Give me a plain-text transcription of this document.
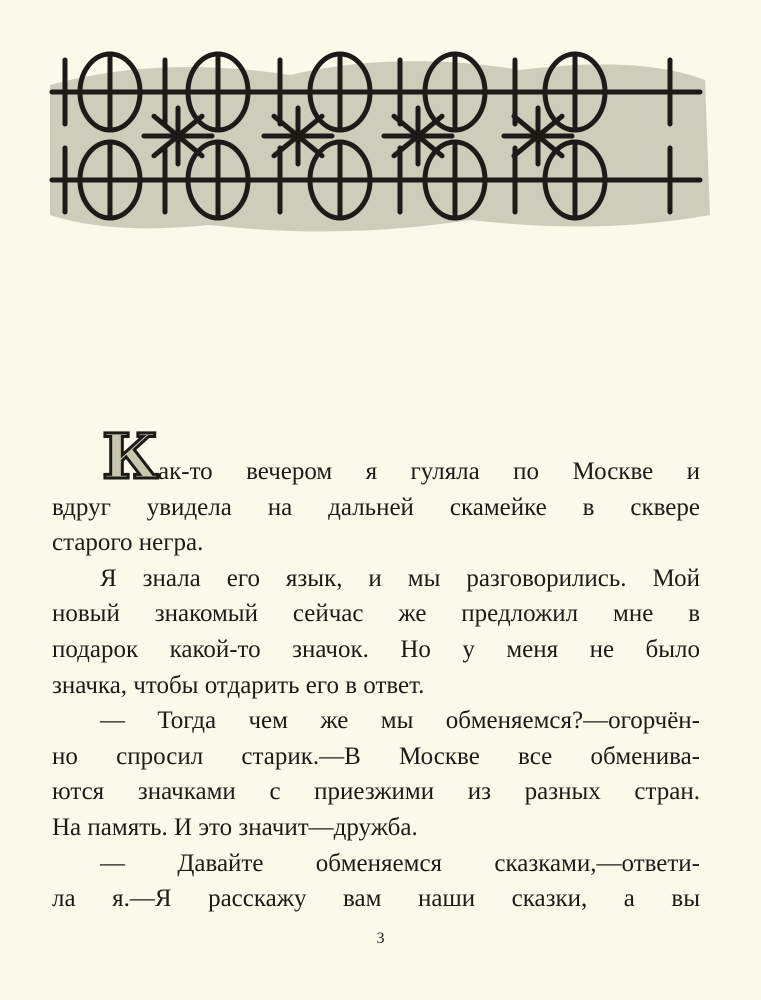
К ак-то вечером я гуляла по Москве и
вдруг увидела на дальней скамейке в сквере
старого негра.
Я знала его язык, и мы разговорились. Мой
новый знакомый сейчас же предложил мне в
подарок какой-то значок. Но у меня не было
значка, чтобы отдарить его в ответ.
— Тогда чем же мы обменяемся?—огорчён-
но спросил старик.—В Москве все обменива-
ются значками с приезжими из разных стран.
На память. И это значит—дружба.
— Давайте обменяемся сказками,—ответи-
ла я.—Я расскажу вам наши сказки, а вы
3
